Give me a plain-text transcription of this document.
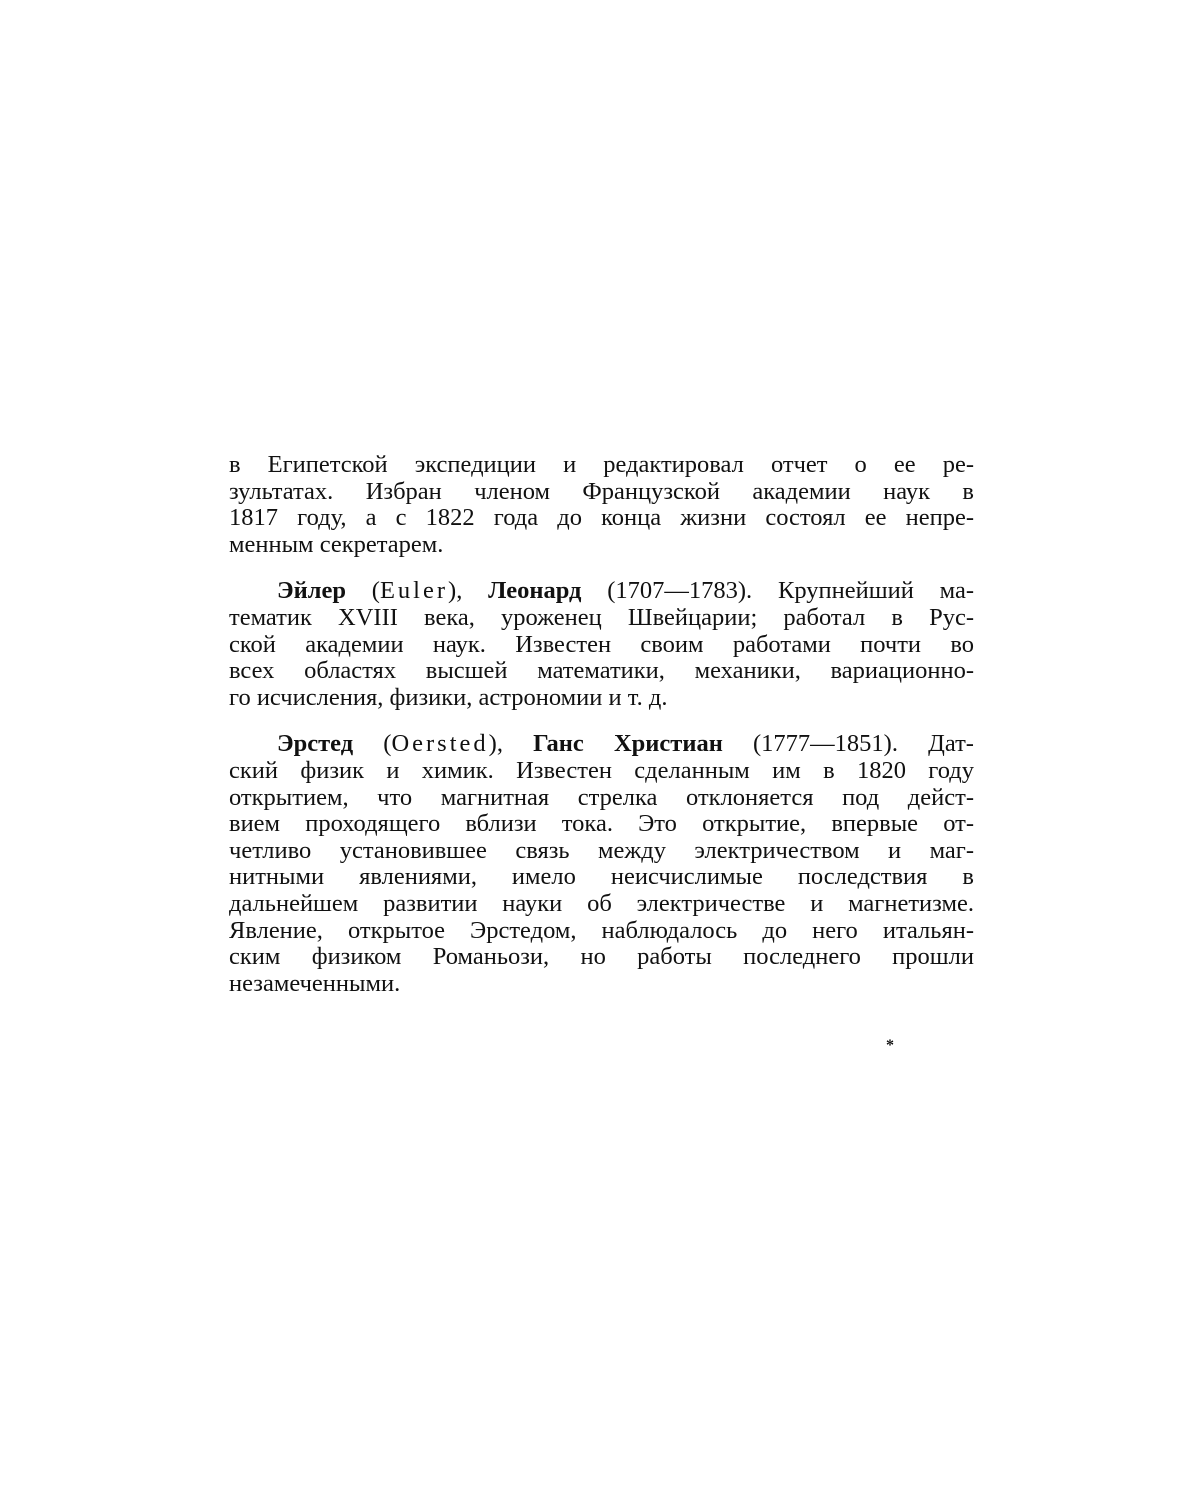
в Египетской экспедиции и редактировал отчет о ее ре-
зультатах. Избран членом Французской академии наук в
1817 году, а с 1822 года до конца жизни состоял ее непре-
менным секретарем.
Эйлер (Euler), Леонард (1707—1783). Крупнейший ма-
тематик XVIII века, уроженец Швейцарии; работал в Рус-
ской академии наук. Известен своим работами почти во
всех областях высшей математики, механики, вариационно-
го исчисления, физики, астрономии и т. д.
Эрстед (Oersted), Ганс Христиан (1777—1851). Дат-
ский физик и химик. Известен сделанным им в 1820 году
открытием, что магнитная стрелка отклоняется под дейст-
вием проходящего вблизи тока. Это открытие, впервые от-
четливо установившее связь между электричеством и маг-
нитными явлениями, имело неисчислимые последствия в
дальнейшем развитии науки об электричестве и магнетизме.
Явление, открытое Эрстедом, наблюдалось до него итальян-
ским физиком Романьози, но работы последнего прошли
незамеченными.
*
